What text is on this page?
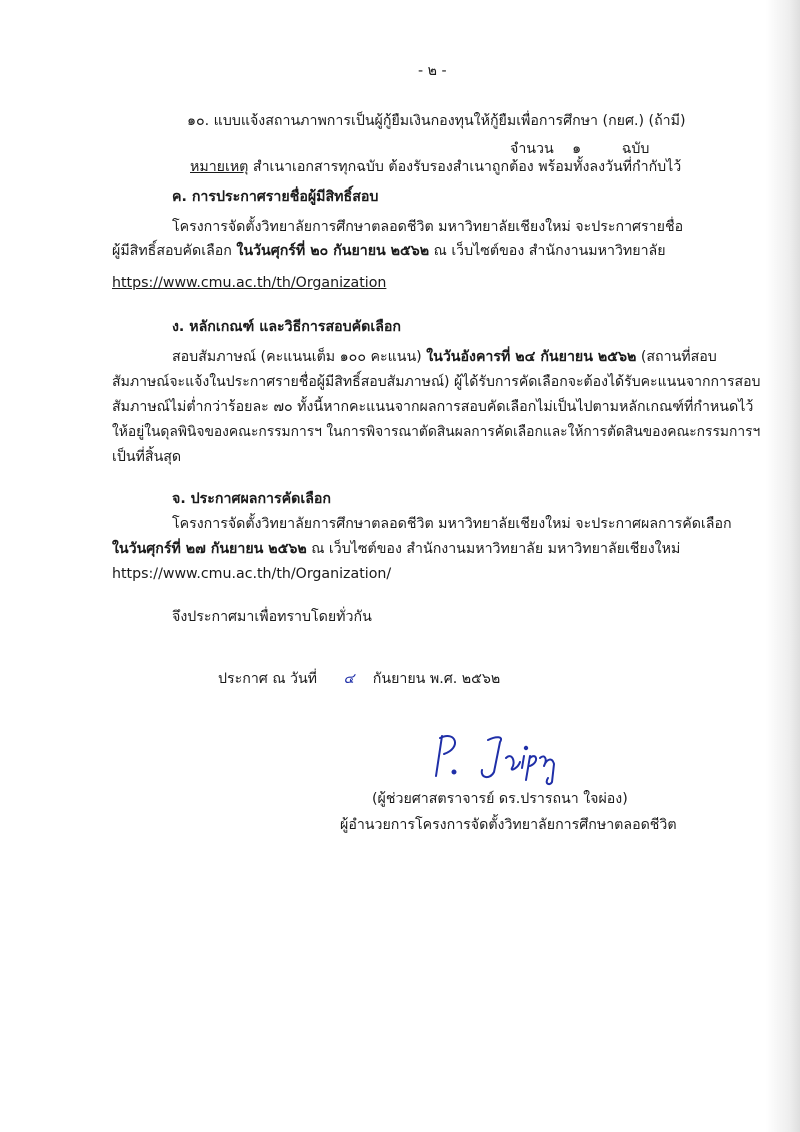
- ๒ -
๑๐. แบบแจ้งสถานภาพการเป็นผู้กู้ยืมเงินกองทุนให้กู้ยืมเพื่อการศึกษา (กยศ.) (ถ้ามี)
จำนวน ๑	ฉบับ
หมายเหตุ สำเนาเอกสารทุกฉบับ ต้องรับรองสำเนาถูกต้อง พร้อมทั้งลงวันที่กำกับไว้
ค. การประกาศรายชื่อผู้มีสิทธิ์สอบ
โครงการจัดตั้งวิทยาลัยการศึกษาตลอดชีวิต มหาวิทยาลัยเชียงใหม่ จะประกาศรายชื่อ
ผู้มีสิทธิ์สอบคัดเลือก ในวันศุกร์ที่ ๒๐ กันยายน ๒๕๖๒ ณ เว็บไซต์ของ สำนักงานมหาวิทยาลัย
https://www.cmu.ac.th/th/Organization
ง. หลักเกณฑ์ และวิธีการสอบคัดเลือก
สอบสัมภาษณ์ (คะแนนเต็ม ๑๐๐ คะแนน) ในวันอังคารที่ ๒๔ กันยายน ๒๕๖๒ (สถานที่สอบ
สัมภาษณ์จะแจ้งในประกาศรายชื่อผู้มีสิทธิ์สอบสัมภาษณ์) ผู้ได้รับการคัดเลือกจะต้องได้รับคะแนนจากการสอบ
สัมภาษณ์ไม่ต่ำกว่าร้อยละ ๗๐ ทั้งนี้หากคะแนนจากผลการสอบคัดเลือกไม่เป็นไปตามหลักเกณฑ์ที่กำหนดไว้
ให้อยู่ในดุลพินิจของคณะกรรมการฯ ในการพิจารณาตัดสินผลการคัดเลือกและให้การตัดสินของคณะกรรมการฯ
เป็นที่สิ้นสุด
จ. ประกาศผลการคัดเลือก
โครงการจัดตั้งวิทยาลัยการศึกษาตลอดชีวิต มหาวิทยาลัยเชียงใหม่ จะประกาศผลการคัดเลือก
ในวันศุกร์ที่ ๒๗ กันยายน ๒๕๖๒ ณ เว็บไซต์ของ สำนักงานมหาวิทยาลัย มหาวิทยาลัยเชียงใหม่
https://www.cmu.ac.th/th/Organization/
จึงประกาศมาเพื่อทราบโดยทั่วกัน
ประกาศ ณ วันที่ ๔ กันยายน พ.ศ. ๒๕๖๒
(ผู้ช่วยศาสตราจารย์ ดร.ปรารถนา ใจผ่อง)
ผู้อำนวยการโครงการจัดตั้งวิทยาลัยการศึกษาตลอดชีวิต
